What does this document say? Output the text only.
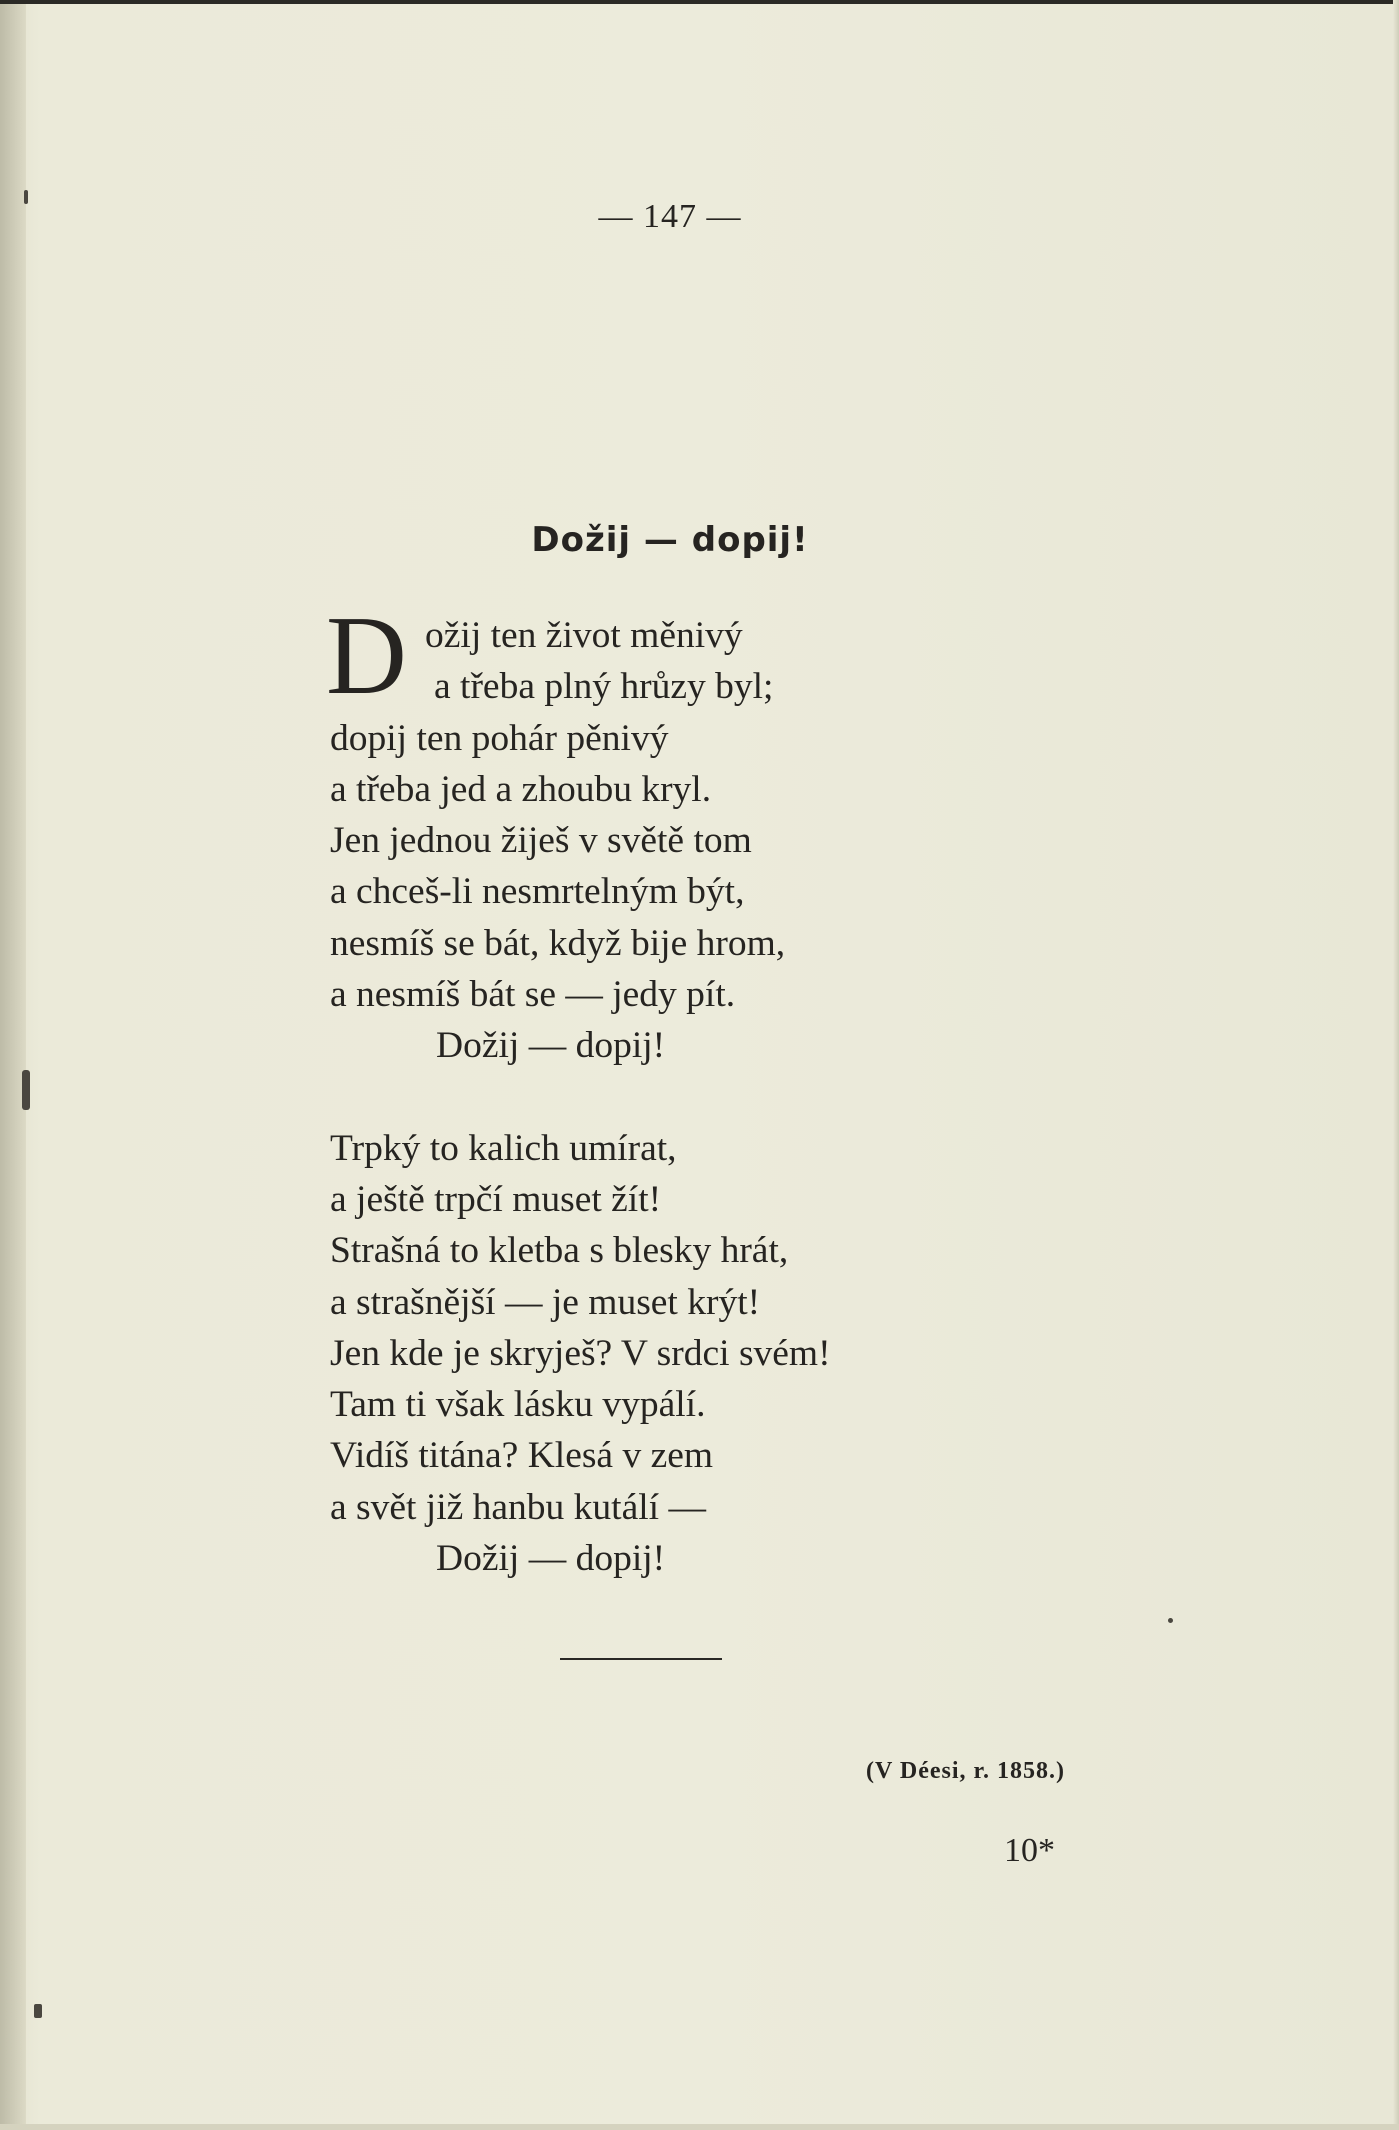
— 147 —
Dožij — dopij!
D ožij ten život měnivý
a třeba plný hrůzy byl;
dopij ten pohár pěnivý
a třeba jed a zhoubu kryl.
Jen jednou žiješ v světě tom
a chceš-li nesmrtelným být,
nesmíš se bát, když bije hrom,
a nesmíš bát se — jedy pít.
Dožij — dopij!
Trpký to kalich umírat,
a ještě trpčí muset žít!
Strašná to kletba s blesky hrát,
a strašnější — je muset krýt!
Jen kde je skryješ? V srdci svém!
Tam ti však lásku vypálí.
Vidíš titána? Klesá v zem
a svět již hanbu kutálí —
Dožij — dopij!
(V Déesi, r. 1858.)
10*
